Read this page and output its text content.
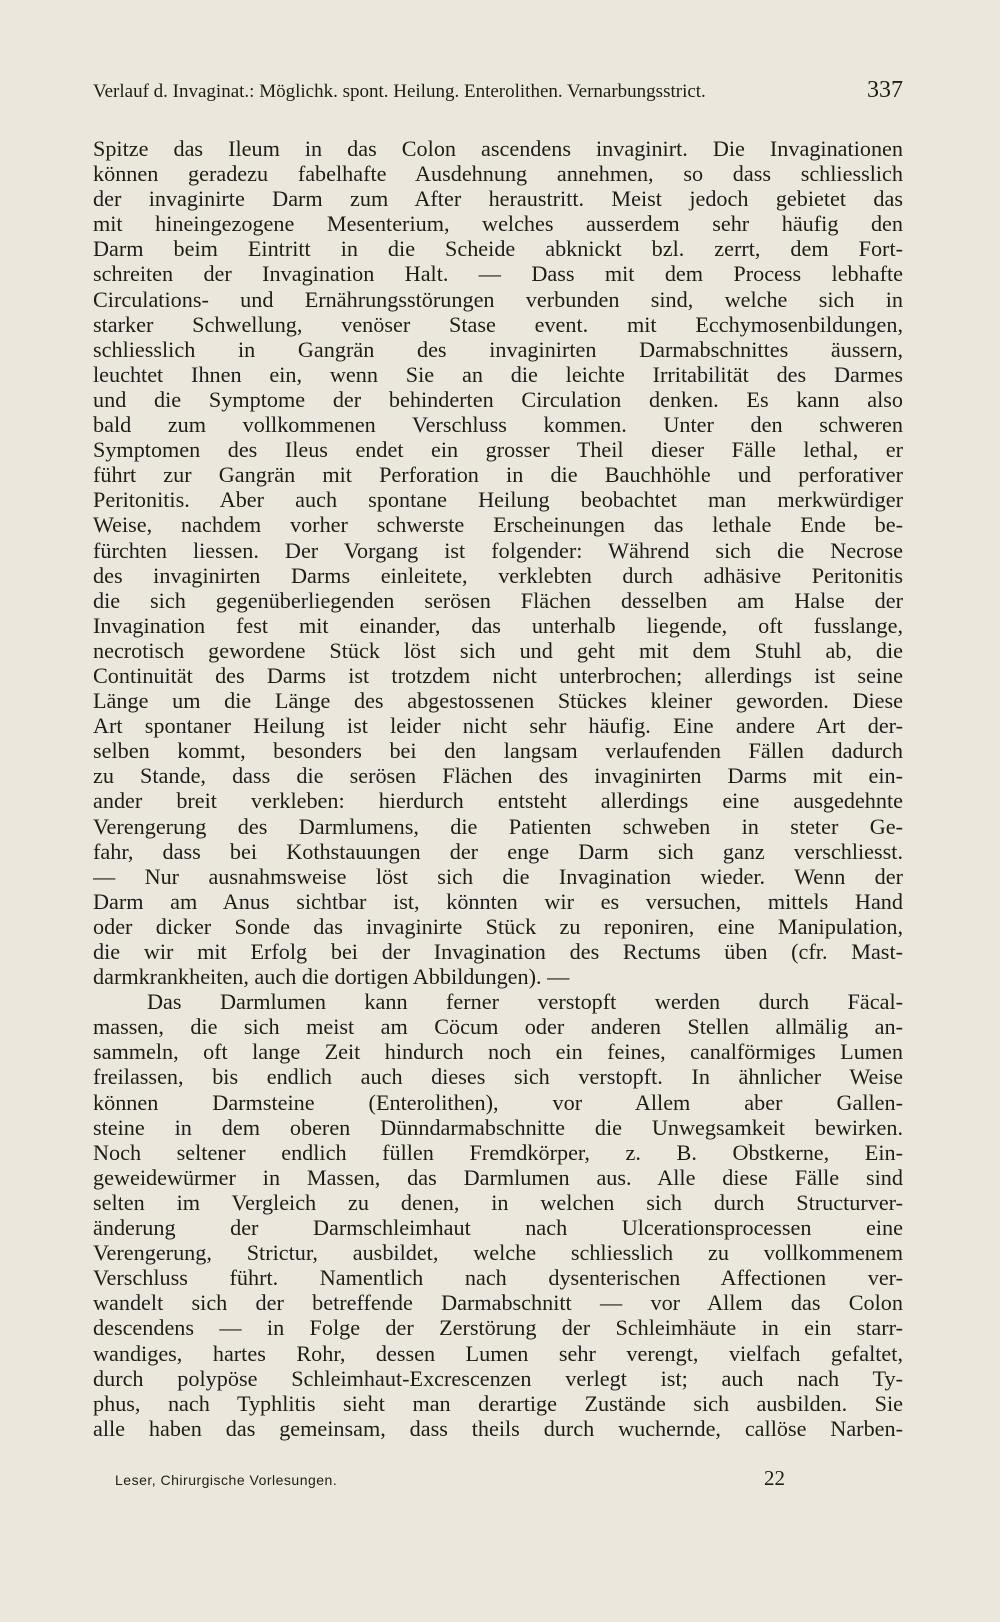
Verlauf d. Invaginat.: Möglichk. spont. Heilung. Enterolithen. Vernarbungsstrict.	337
Spitze das Ileum in das Colon ascendens invaginirt. Die Invaginationen
können geradezu fabelhafte Ausdehnung annehmen, so dass schliesslich
der invaginirte Darm zum After heraustritt. Meist jedoch gebietet das
mit hineingezogene Mesenterium, welches ausserdem sehr häufig den
Darm beim Eintritt in die Scheide abknickt bzl. zerrt, dem Fort-
schreiten der Invagination Halt. — Dass mit dem Process lebhafte
Circulations- und Ernährungsstörungen verbunden sind, welche sich in
starker Schwellung, venöser Stase event. mit Ecchymosenbildungen,
schliesslich in Gangrän des invaginirten Darmabschnittes äussern,
leuchtet Ihnen ein, wenn Sie an die leichte Irritabilität des Darmes
und die Symptome der behinderten Circulation denken. Es kann also
bald zum vollkommenen Verschluss kommen. Unter den schweren
Symptomen des Ileus endet ein grosser Theil dieser Fälle lethal, er
führt zur Gangrän mit Perforation in die Bauchhöhle und perforativer
Peritonitis. Aber auch spontane Heilung beobachtet man merkwürdiger
Weise, nachdem vorher schwerste Erscheinungen das lethale Ende be-
fürchten liessen. Der Vorgang ist folgender: Während sich die Necrose
des invaginirten Darms einleitete, verklebten durch adhäsive Peritonitis
die sich gegenüberliegenden serösen Flächen desselben am Halse der
Invagination fest mit einander, das unterhalb liegende, oft fusslange,
necrotisch gewordene Stück löst sich und geht mit dem Stuhl ab, die
Continuität des Darms ist trotzdem nicht unterbrochen; allerdings ist seine
Länge um die Länge des abgestossenen Stückes kleiner geworden. Diese
Art spontaner Heilung ist leider nicht sehr häufig. Eine andere Art der-
selben kommt, besonders bei den langsam verlaufenden Fällen dadurch
zu Stande, dass die serösen Flächen des invaginirten Darms mit ein-
ander breit verkleben: hierdurch entsteht allerdings eine ausgedehnte
Verengerung des Darmlumens, die Patienten schweben in steter Ge-
fahr, dass bei Kothstauungen der enge Darm sich ganz verschliesst.
— Nur ausnahmsweise löst sich die Invagination wieder. Wenn der
Darm am Anus sichtbar ist, könnten wir es versuchen, mittels Hand
oder dicker Sonde das invaginirte Stück zu reponiren, eine Manipulation,
die wir mit Erfolg bei der Invagination des Rectums üben (cfr. Mast-
darmkrankheiten, auch die dortigen Abbildungen). —
Das Darmlumen kann ferner verstopft werden durch Fäcal-
massen, die sich meist am Cöcum oder anderen Stellen allmälig an-
sammeln, oft lange Zeit hindurch noch ein feines, canalförmiges Lumen
freilassen, bis endlich auch dieses sich verstopft. In ähnlicher Weise
können Darmsteine (Enterolithen), vor Allem aber Gallen-
steine in dem oberen Dünndarmabschnitte die Unwegsamkeit bewirken.
Noch seltener endlich füllen Fremdkörper, z. B. Obstkerne, Ein-
geweidewürmer in Massen, das Darmlumen aus. Alle diese Fälle sind
selten im Vergleich zu denen, in welchen sich durch Structurver-
änderung der Darmschleimhaut nach Ulcerationsprocessen eine
Verengerung, Strictur, ausbildet, welche schliesslich zu vollkommenem
Verschluss führt. Namentlich nach dysenterischen Affectionen ver-
wandelt sich der betreffende Darmabschnitt — vor Allem das Colon
descendens — in Folge der Zerstörung der Schleimhäute in ein starr-
wandiges, hartes Rohr, dessen Lumen sehr verengt, vielfach gefaltet,
durch polypöse Schleimhaut-Excrescenzen verlegt ist; auch nach Ty-
phus, nach Typhlitis sieht man derartige Zustände sich ausbilden. Sie
alle haben das gemeinsam, dass theils durch wuchernde, callöse Narben-
Leser, Chirurgische Vorlesungen.	22
